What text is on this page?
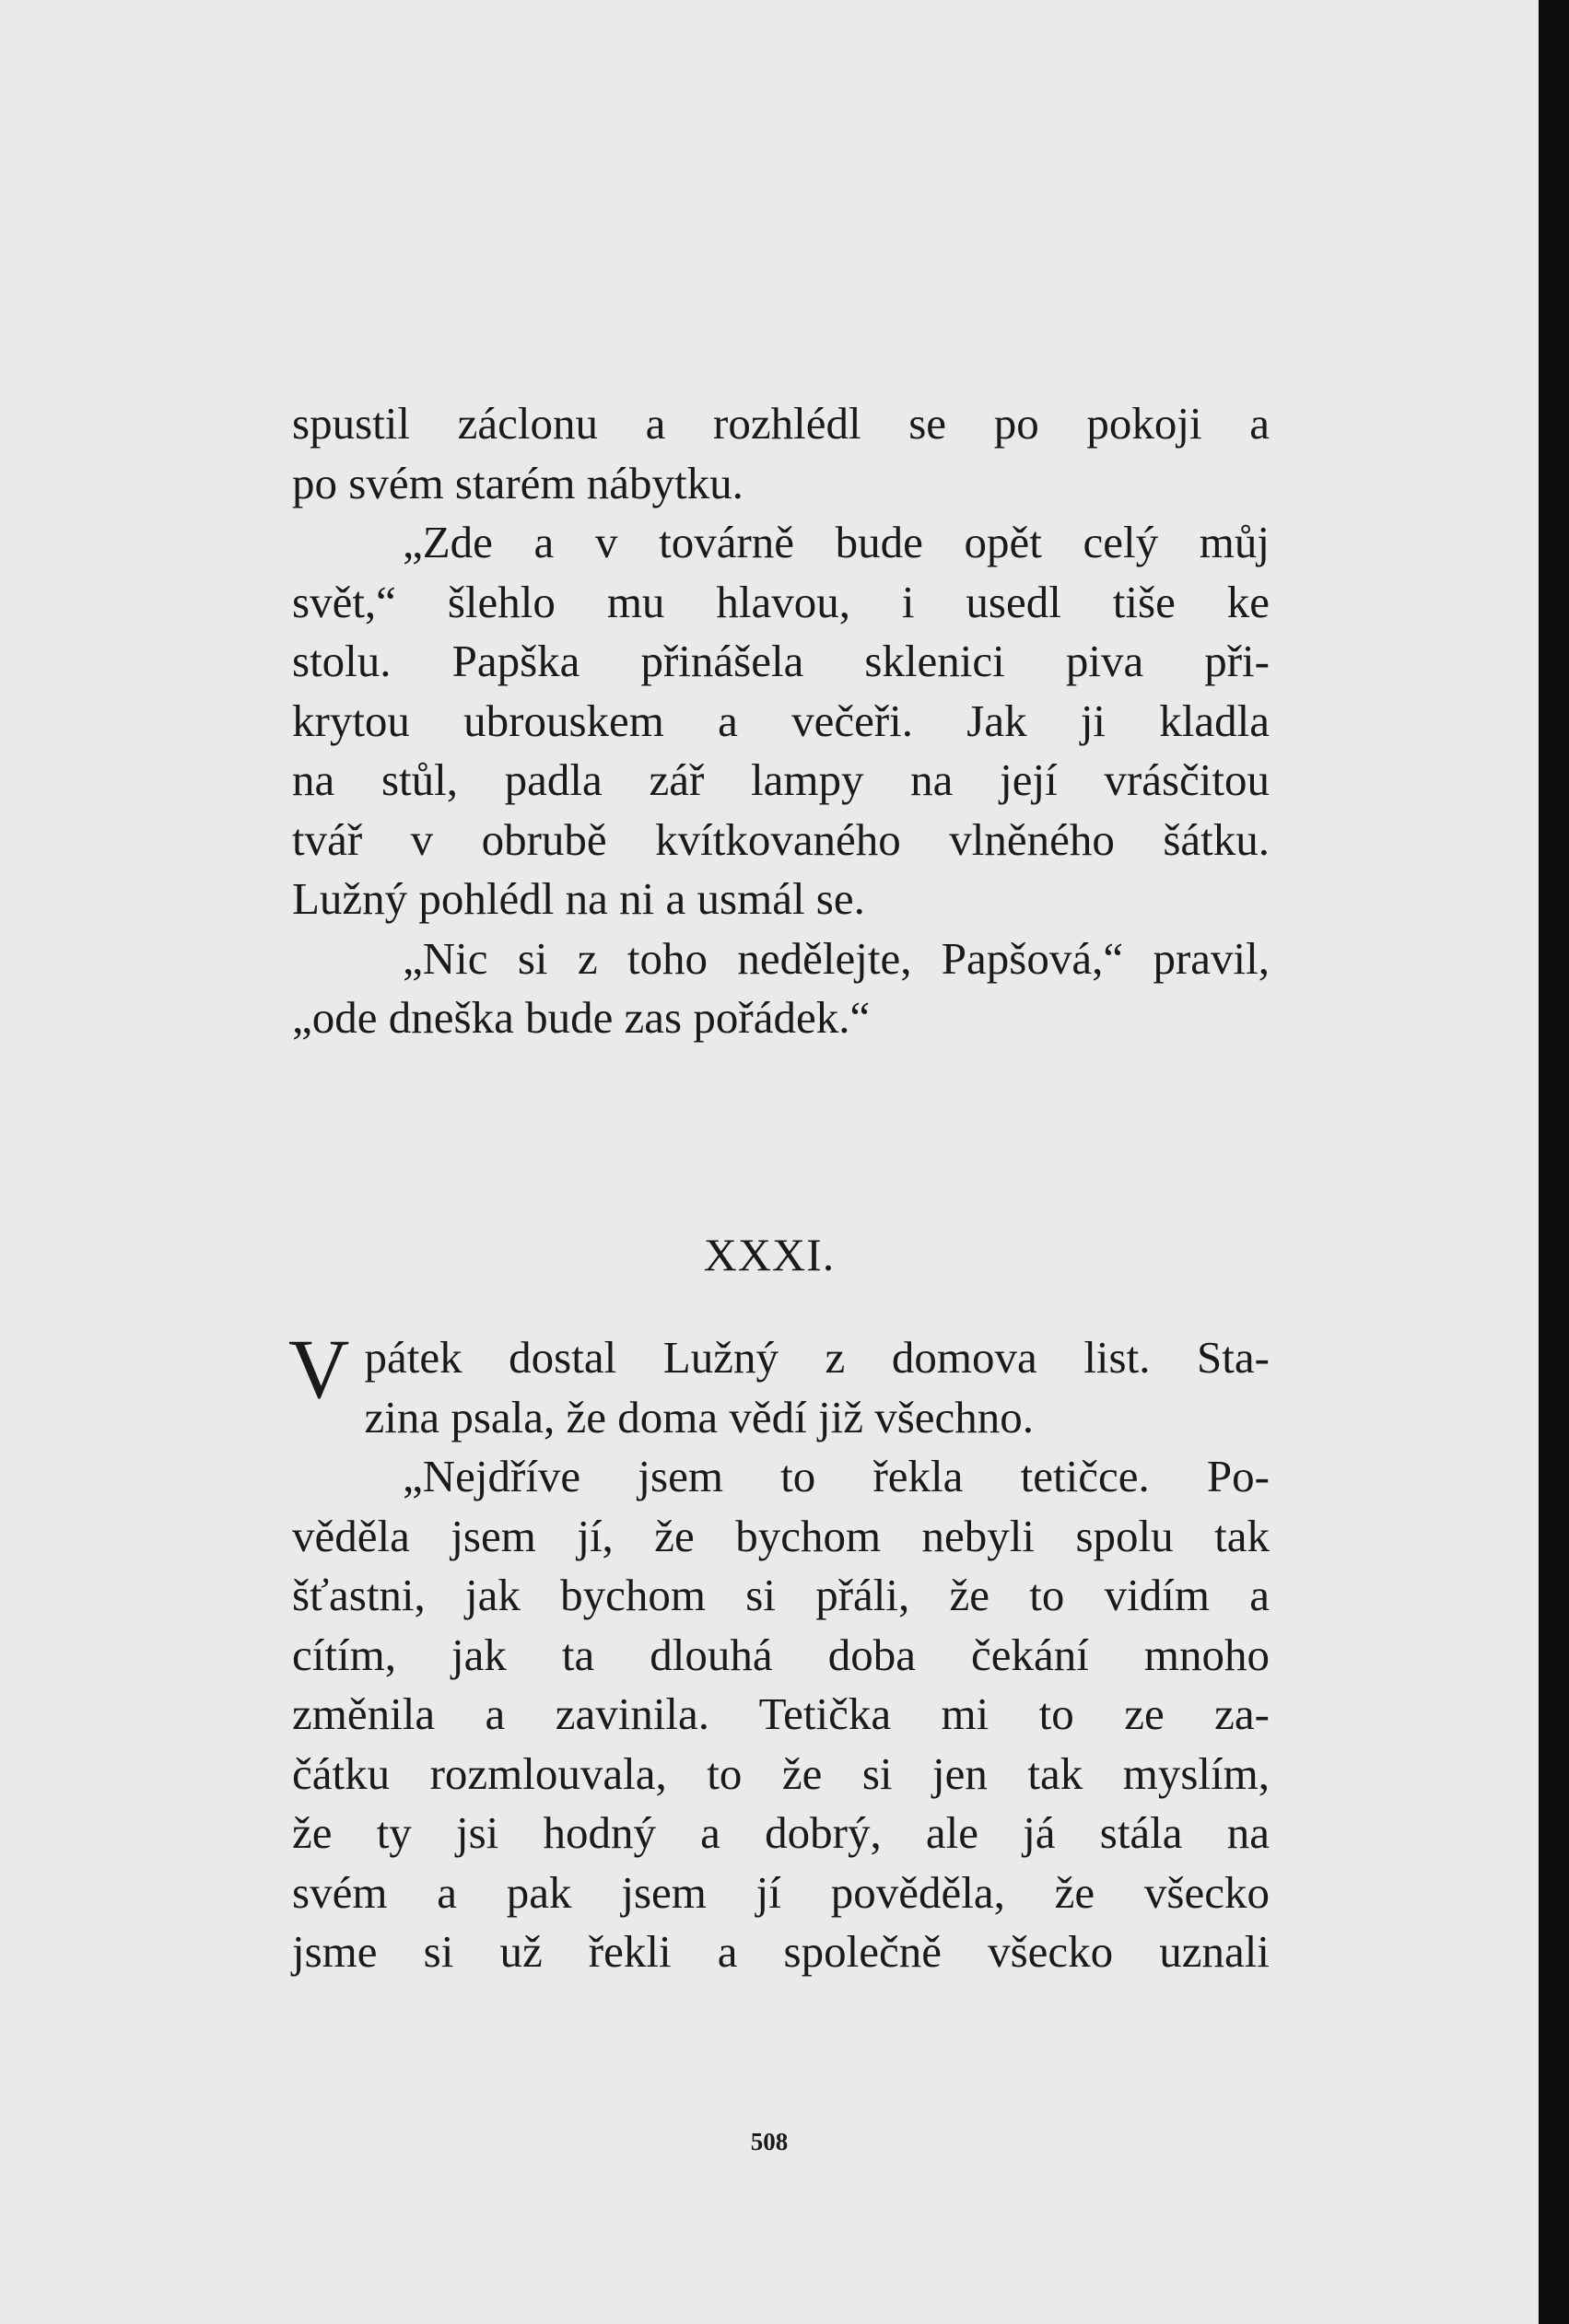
spustil záclonu a rozhlédl se po pokoji a
po svém starém nábytku.
„Zde a v továrně bude opět celý můj
svět,“ šlehlo mu hlavou, i usedl tiše ke
stolu. Papška přinášela sklenici piva při-
krytou ubrouskem a večeři. Jak ji kladla
na stůl, padla zář lampy na její vrásčitou
tvář v obrubě kvítkovaného vlněného šátku.
Lužný pohlédl na ni a usmál se.
„Nic si z toho nedělejte, Papšová,“ pravil,
„ode dneška bude zas pořádek.“
XXXI.
V pátek dostal Lužný z domova list. Sta-
zina psala, že doma vědí již všechno.
„Nejdříve jsem to řekla tetičce. Po-
věděla jsem jí, že bychom nebyli spolu tak
šťastni, jak bychom si přáli, že to vidím a
cítím, jak ta dlouhá doba čekání mnoho
změnila a zavinila. Tetička mi to ze za-
čátku rozmlouvala, to že si jen tak myslím,
že ty jsi hodný a dobrý, ale já stála na
svém a pak jsem jí pověděla, že všecko
jsme si už řekli a společně všecko uznali
508
